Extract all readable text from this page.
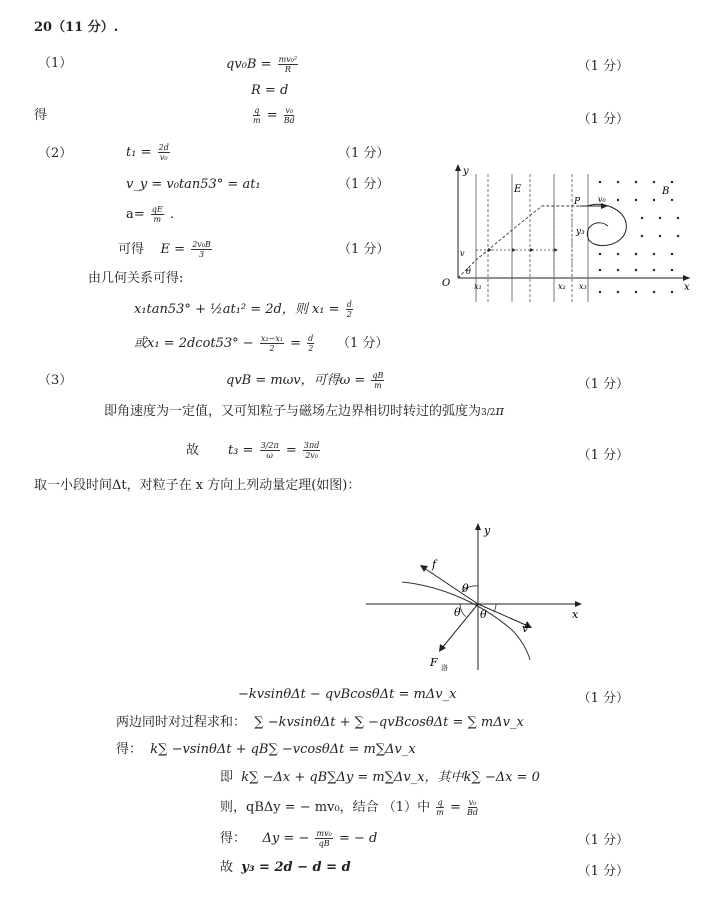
20（11 分）.
（1）	$qv_0B = \frac{\text{mv₀²}}{R}$	（1 分）
R = d
得	$\frac{q}{m} = \frac{\text{v₀}}{Bd}$	（1 分）
（2）	$t_1 = \frac{2d}{\text{v₀}}$	（1 分）
v_y = v₀tan53° = at₁	（1 分）
$a= \frac{qE}{m}$ .
可得 $E = \frac{\text{2v₀B}}{3}$	（1 分）
由几何关系可得:
x₁tan53° + ½at₁² = 2d，则 $x_1 = \frac{d}{2}$
或$x_1 = 2dcot53^\circ - \frac{\text{x₂−x₁}}{2} = \frac{d}{2} (1$ 分）
y
x
O
E	B
P v₀
v
θ
y₃
x₁	x₂ x₃
（3）	qvB = mωv，可得$\omega = \frac{qB}{m}$	（1 分）
即角速度为一定值，又可知粒子与磁场左边界相切时转过的弧度为3/2π
故 $t_3 = \frac{3/2\pi}{\omega} = \frac{3\pi d}{\text{2v₀}}$	（1 分）
取一小段时间Δt，对粒子在 x 方向上列动量定理(如图)：
y
x
f
v
F 洛
θ
θ θ
−kvsinθΔt − qvBcosθΔt = mΔv_x	（1 分）
两边同时对过程求和： ∑ −kvsinθΔt + ∑ −qvBcosθΔt = ∑ mΔv_x
得： k∑ −vsinθΔt + qB∑ −vcosθΔt = m∑Δv_x
即 k∑ −Δx + qB∑Δy = m∑Δv_x，其中k∑ −Δx = 0
则，qBΔy = − mv₀，结合 （1）中 $\frac{q}{m} = \frac{\text{v₀}}{Bd}$
得： Δy = − $\frac{\text{mv₀}}{qB}$ = − d	（1 分）
故 y₃ = 2d − d = d	（1 分）
